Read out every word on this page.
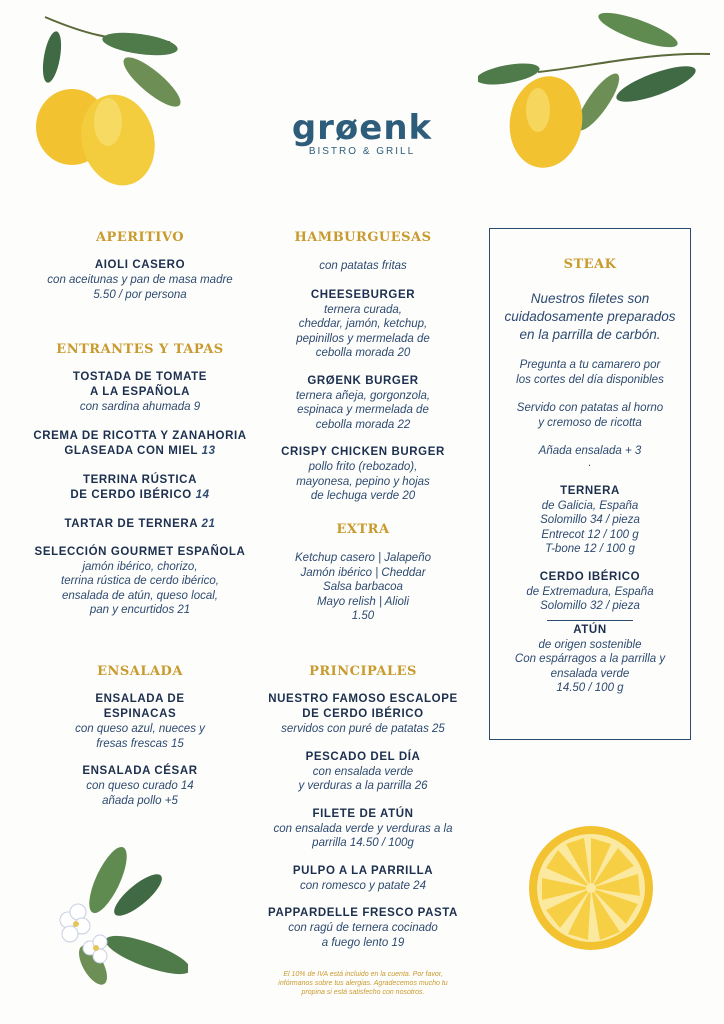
grøenk
BISTRO & GRILL
APERITIVO
AIOLI CASERO
con aceitunas y pan de masa madre
5.50 / por persona
ENTRANTES Y TAPAS
TOSTADA DE TOMATE
A LA ESPAÑOLA
con sardina ahumada 9
CREMA DE RICOTTA Y ZANAHORIA
GLASEADA CON MIEL 13
TERRINA RÚSTICA
DE CERDO IBÉRICO 14
TARTAR DE TERNERA 21
SELECCIÓN GOURMET ESPAÑOLA
jamón ibérico, chorizo,
terrina rústica de cerdo ibérico,
ensalada de atún, queso local,
pan y encurtidos 21
ENSALADA
ENSALADA DE
ESPINACAS
con queso azul, nueces y
fresas frescas 15
ENSALADA CÉSAR
con queso curado 14
añada pollo +5
HAMBURGUESAS
con patatas fritas
CHEESEBURGER
ternera curada,
cheddar, jamón, ketchup,
pepinillos y mermelada de
cebolla morada 20
GRØENK BURGER
ternera añeja, gorgonzola,
espinaca y mermelada de
cebolla morada 22
CRISPY CHICKEN BURGER
pollo frito (rebozado),
mayonesa, pepino y hojas
de lechuga verde 20
EXTRA
Ketchup casero | Jalapeño
Jamón ibérico | Cheddar
Salsa barbacoa
Mayo relish | Alioli
1.50
PRINCIPALES
NUESTRO FAMOSO ESCALOPE
DE CERDO IBÉRICO
servidos con puré de patatas 25
PESCADO DEL DÍA
con ensalada verde
y verduras a la parrilla 26
FILETE DE ATÚN
con ensalada verde y verduras a la
parrilla 14.50 / 100g
PULPO A LA PARRILLA
con romesco y patate 24
PAPPARDELLE FRESCO PASTA
con ragú de ternera cocinado
a fuego lento 19
STEAK
Nuestros filetes son
cuidadosamente preparados
en la parrilla de carbón.
Pregunta a tu camarero por
los cortes del día disponibles
Servido con patatas al horno
y cremoso de ricotta
Añada ensalada + 3
.
TERNERA
de Galicia, España
Solomillo 34 / pieza
Entrecot 12 / 100 g
T-bone 12 / 100 g
CERDO IBÉRICO
de Extremadura, España
Solomillo 32 / pieza
ATÚN
de origen sostenible
Con espárragos a la parrilla y
ensalada verde
14.50 / 100 g
El 10% de IVA está incluido en la cuenta. Por favor,
infórmanos sobre tus alergias. Agradecemos mucho tu
propina si está satisfecho con nosotros.
